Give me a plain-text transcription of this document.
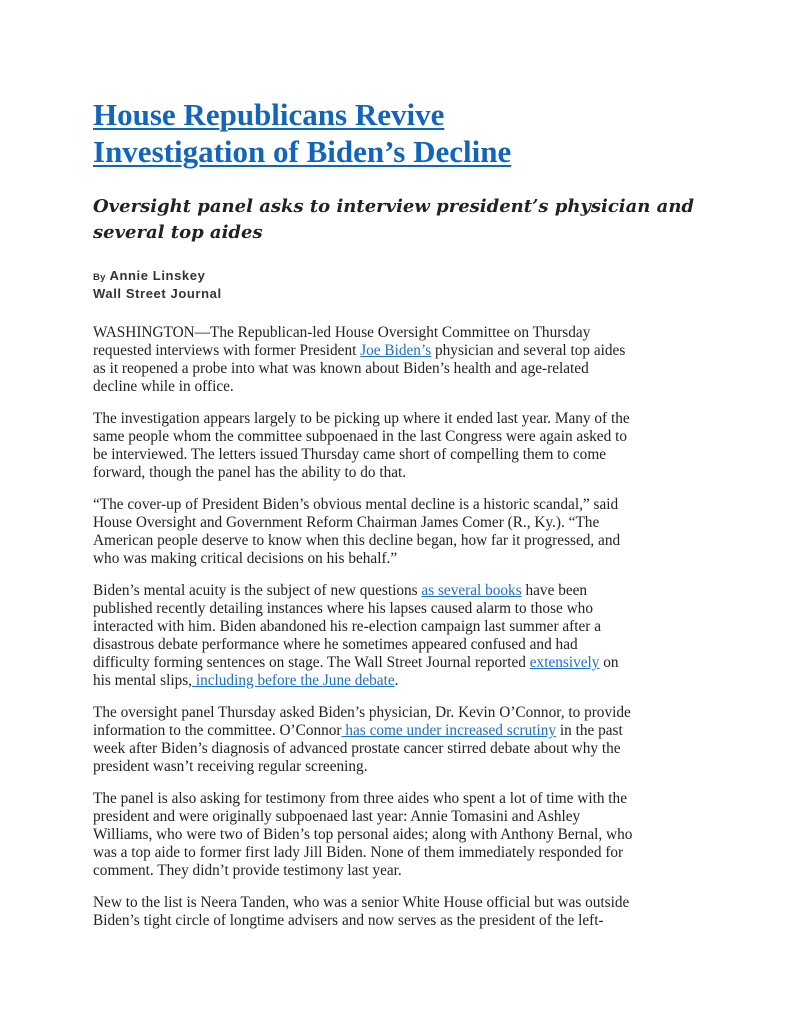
House Republicans Revive
Investigation of Biden’s Decline
Oversight panel asks to interview president’s physician and
several top aides
By Annie Linskey
Wall Street Journal

WASHINGTON—The Republican-led House Oversight Committee on Thursday
requested interviews with former President Joe Biden’s physician and several top aides
as it reopened a probe into what was known about Biden’s health and age-related
decline while in office.

The investigation appears largely to be picking up where it ended last year. Many of the
same people whom the committee subpoenaed in the last Congress were again asked to
be interviewed. The letters issued Thursday came short of compelling them to come
forward, though the panel has the ability to do that.

“The cover-up of President Biden’s obvious mental decline is a historic scandal,” said
House Oversight and Government Reform Chairman James Comer (R., Ky.). “The
American people deserve to know when this decline began, how far it progressed, and
who was making critical decisions on his behalf.”

Biden’s mental acuity is the subject of new questions as several books have been
published recently detailing instances where his lapses caused alarm to those who
interacted with him. Biden abandoned his re-election campaign last summer after a
disastrous debate performance where he sometimes appeared confused and had
difficulty forming sentences on stage. The Wall Street Journal reported extensively on
his mental slips, including before the June debate.

The oversight panel Thursday asked Biden’s physician, Dr. Kevin O’Connor, to provide
information to the committee. O’Connor has come under increased scrutiny in the past
week after Biden’s diagnosis of advanced prostate cancer stirred debate about why the
president wasn’t receiving regular screening.

The panel is also asking for testimony from three aides who spent a lot of time with the
president and were originally subpoenaed last year: Annie Tomasini and Ashley
Williams, who were two of Biden’s top personal aides; along with Anthony Bernal, who
was a top aide to former first lady Jill Biden. None of them immediately responded for
comment. They didn’t provide testimony last year.

New to the list is Neera Tanden, who was a senior White House official but was outside
Biden’s tight circle of longtime advisers and now serves as the president of the left-
